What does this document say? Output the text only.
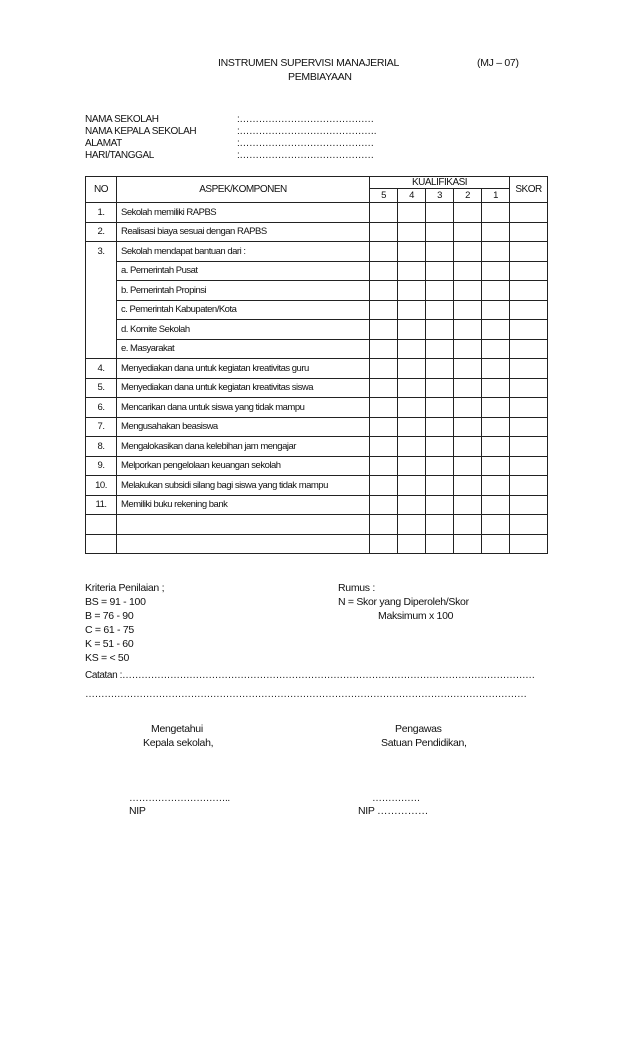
INSTRUMEN SUPERVISI MANAJERIAL
PEMBIAYAAN
(MJ – 07)
NAMA SEKOLAH	:……………………………………
NAMA KEPALA SEKOLAH	:…………………………………….
ALAMAT	:……………………………………
HARI/TANGGAL	:……………………………………
NO	ASPEK/KOMPONEN	KUALIFIKASI					SKOR
		5	4	3	2	1	
1.	Sekolah memiliki RAPBS						
2.	Realisasi biaya sesuai dengan RAPBS						
3.	Sekolah mendapat bantuan dari :						
	a. Pemerintah Pusat						
	b. Pemerintah Propinsi						
	c. Pemerintah Kabupaten/Kota						
	d. Komite Sekolah						
	e. Masyarakat						
4.	Menyediakan dana untuk kegiatan kreativitas guru						
5.	Menyediakan dana untuk kegiatan kreativitas siswa						
6.	Mencarikan dana untuk siswa yang tidak mampu						
7.	Mengusahakan beasiswa						
8.	Mengalokasikan dana kelebihan jam mengajar						
9.	Melporkan pengelolaan keuangan sekolah						
10.	Melakukan subsidi silang bagi siswa yang tidak mampu						
11.	Memiliki buku rekening bank						

Kriteria Penilaian ;
BS = 91 - 100
B = 76 - 90
C = 61 - 75
K = 51 - 60
KS = < 50
Rumus :
N = Skor yang Diperoleh/Skor
Maksimum x 100
Catatan :…………………………………………………………………………………………………………………
…………………………………………………………………………………………………………………………
Mengetahui
Kepala sekolah,
…………………………..
NIP
Pengawas
Satuan Pendidikan,
……………
NIP ……………
